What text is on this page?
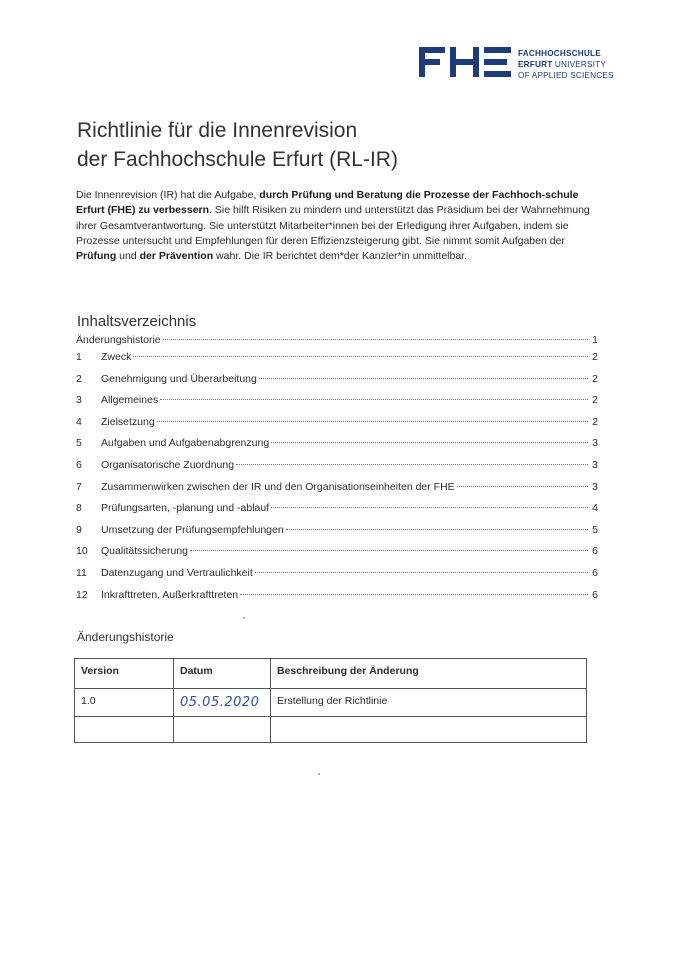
FACHHOCHSCHULE
ERFURT UNIVERSITY
OF APPLIED SCIENCES
Richtlinie für die Innenrevision
der Fachhochschule Erfurt (RL-IR)
Die Innenrevision (IR) hat die Aufgabe, durch Prüfung und Beratung die Prozesse der Fachhoch-schule Erfurt (FHE) zu verbessern. Sie hilft Risiken zu mindern und unterstützt das Präsidium bei der Wahrnehmung ihrer Gesamtverantwortung. Sie unterstützt Mitarbeiter*innen bei der Erledigung ihrer Aufgaben, indem sie Prozesse untersucht und Empfehlungen für deren Effizienzsteigerung gibt. Sie nimmt somit Aufgaben der Prüfung und der Prävention wahr. Die IR berichtet dem*der Kanzler*in unmittelbar.
Inhaltsverzeichnis
Änderungshistorie	1
1	Zweck	2
2	Genehmigung und Überarbeitung	2
3	Allgemeines	2
4	Zielsetzung	2
5	Aufgaben und Aufgabenabgrenzung	3
6	Organisatorische Zuordnung	3
7	Zusammenwirken zwischen der IR und den Organisationseinheiten der FHE	3
8	Prüfungsarten, -planung und -ablauf	4
9	Umsetzung der Prüfungsempfehlungen	5
10	Qualitätssicherung	6
11	Datenzugang und Vertraulichkeit	6
12	Inkrafttreten, Außerkrafttreten	6
Änderungshistorie
Version	Datum	Beschreibung der Änderung
1.0	05.05.2020	Erstellung der Richtlinie
